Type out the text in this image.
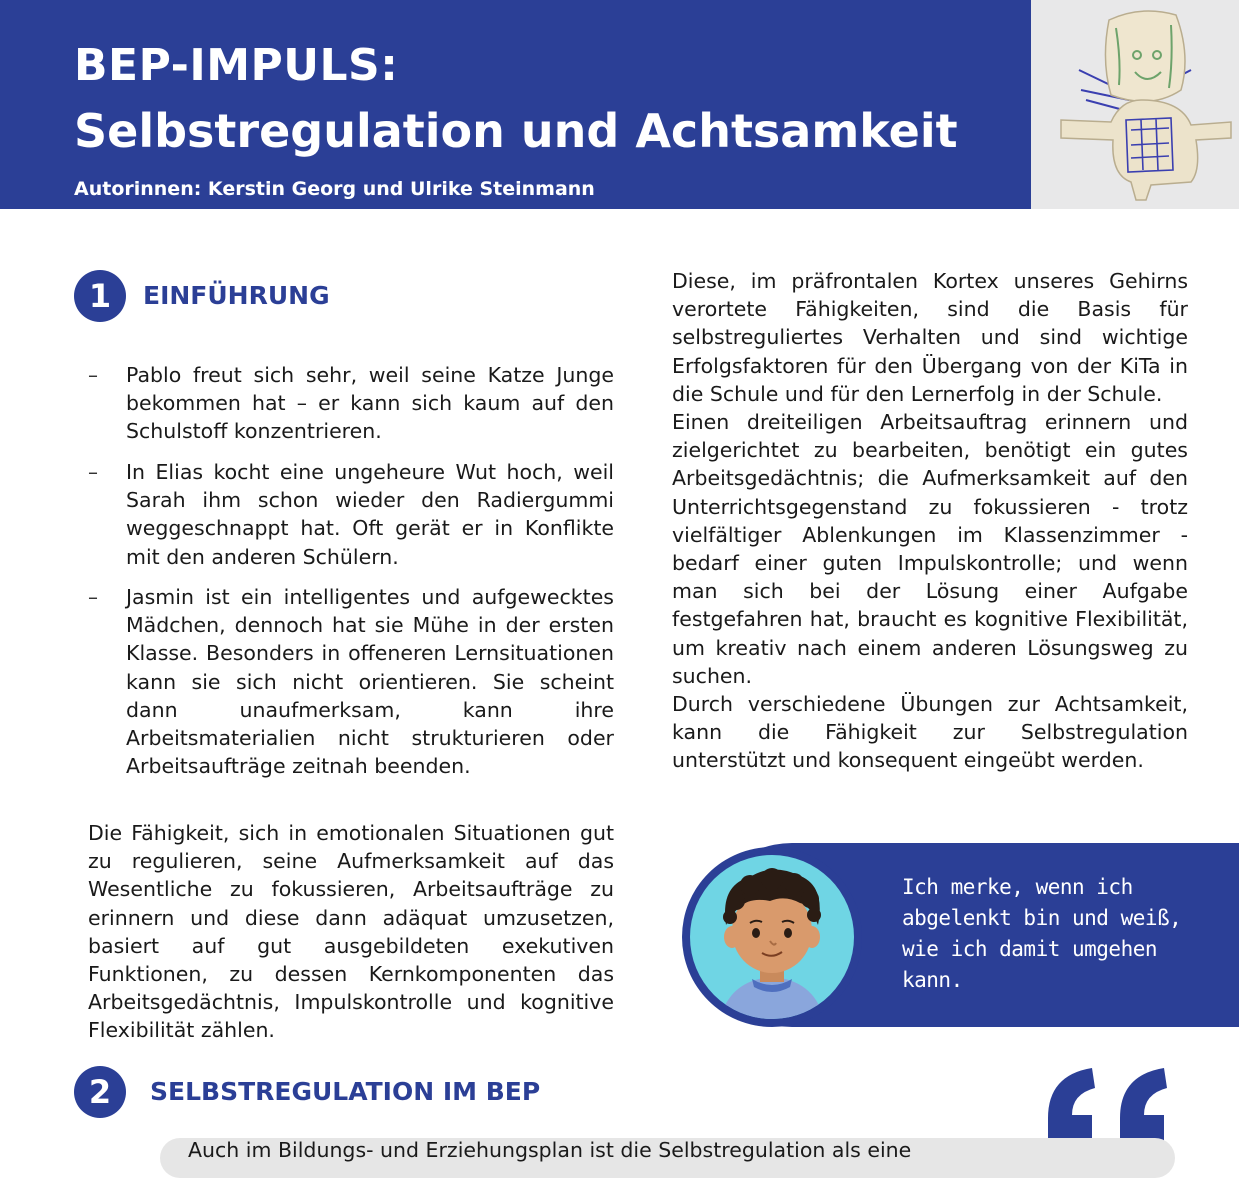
BEP-IMPULS:
Selbstregulation und Achtsamkeit
Autorinnen: Kerstin Georg und Ulrike Steinmann
1	EINFÜHRUNG
– Pablo freut sich sehr, weil seine Katze Junge bekommen hat – er kann sich kaum auf den Schulstoff konzentrieren.

– In Elias kocht eine ungeheure Wut hoch, weil Sarah ihm schon wieder den Radiergummi weggeschnappt hat. Oft gerät er in Konflikte mit den anderen Schülern.

– Jasmin ist ein intelligentes und aufgewecktes Mädchen, dennoch hat sie Mühe in der ersten Klasse. Besonders in offeneren Lernsituationen kann sie sich nicht orientieren. Sie scheint dann unaufmerksam, kann ihre Arbeitsmaterialien nicht strukturieren oder Arbeitsaufträge zeitnah beenden.

Die Fähigkeit, sich in emotionalen Situationen gut zu regulieren, seine Aufmerksamkeit auf das Wesentliche zu fokussieren, Arbeitsaufträge zu erinnern und diese dann adäquat umzusetzen, basiert auf gut ausgebildeten exekutiven Funktionen, zu dessen Kernkomponenten das Arbeitsgedächtnis, Impulskontrolle und kognitive Flexibilität zählen.

Diese, im präfrontalen Kortex unseres Gehirns verortete Fähigkeiten, sind die Basis für selbstreguliertes Verhalten und sind wichtige Erfolgsfaktoren für den Übergang von der KiTa in die Schule und für den Lernerfolg in der Schule.

Einen dreiteiligen Arbeitsauftrag erinnern und zielgerichtet zu bearbeiten, benötigt ein gutes Arbeitsgedächtnis; die Aufmerksamkeit auf den Unterrichtsgegenstand zu fokussieren - trotz vielfältiger Ablenkungen im Klassenzimmer - bedarf einer guten Impulskontrolle; und wenn man sich bei der Lösung einer Aufgabe festgefahren hat, braucht es kognitive Flexibilität, um kreativ nach einem anderen Lösungsweg zu suchen.

Durch verschiedene Übungen zur Achtsamkeit, kann die Fähigkeit zur Selbstregulation unterstützt und konsequent eingeübt werden.

Ich merke, wenn ich abgelenkt bin und weiß, wie ich damit umgehen kann.
2	SELBSTREGULATION IM BEP
Auch im Bildungs- und Erziehungsplan ist die Selbstregulation als eine
